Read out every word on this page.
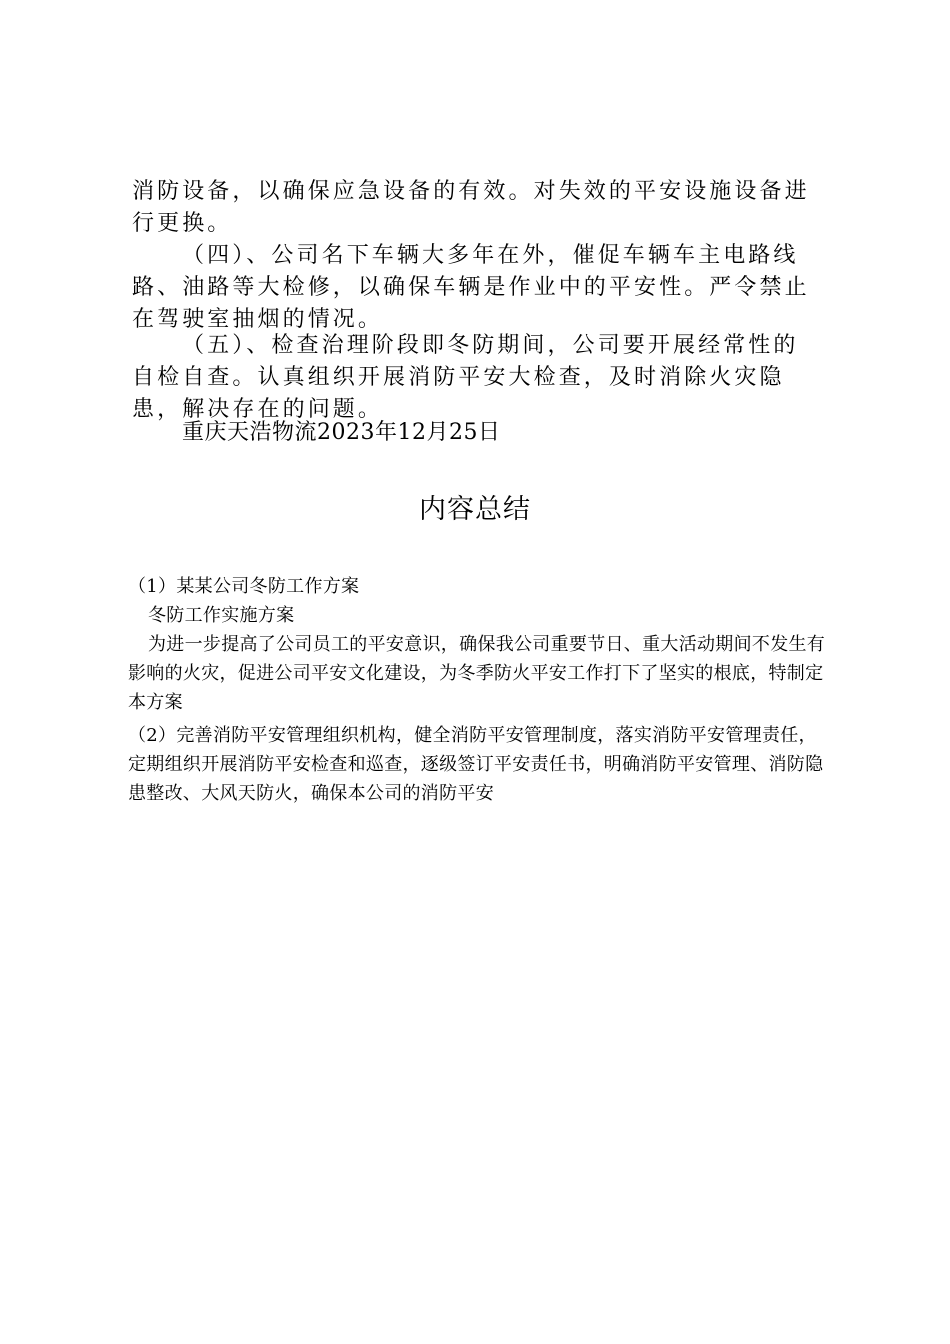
消防设备，以确保应急设备的有效。对失效的平安设施设备进行更换。

（四）、公司名下车辆大多年在外，催促车辆车主电路线路、油路等大检修，以确保车辆是作业中的平安性。严令禁止在驾驶室抽烟的情况。

（五）、检查治理阶段即冬防期间，公司要开展经常性的自检自查。认真组织开展消防平安大检查，及时消除火灾隐患，解决存在的问题。

重庆天浩物流2023年12月25日

内容总结

（1）某某公司冬防工作方案

冬防工作实施方案

为进一步提高了公司员工的平安意识，确保我公司重要节日、重大活动期间不发生有影响的火灾，促进公司平安文化建设，为冬季防火平安工作打下了坚实的根底，特制定本方案

（2）完善消防平安管理组织机构，健全消防平安管理制度，落实消防平安管理责任，定期组织开展消防平安检查和巡查，逐级签订平安责任书，明确消防平安管理、消防隐患整改、大风天防火，确保本公司的消防平安
